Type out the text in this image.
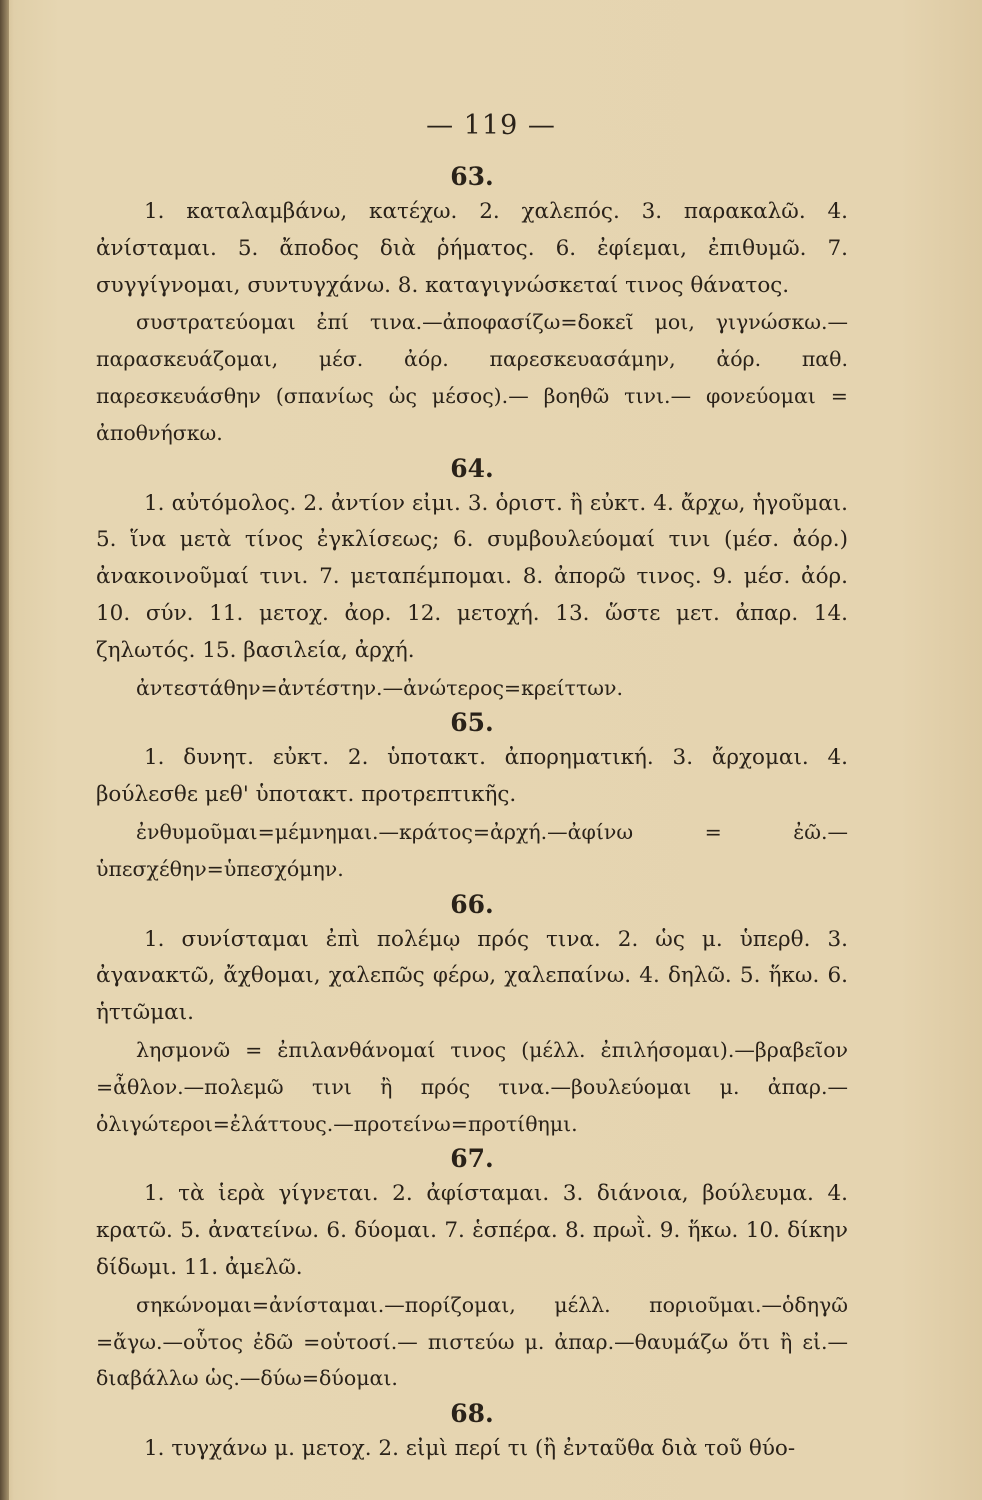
— 119 —

63.

1. καταλαμβάνω, κατέχω. 2. χαλεπός. 3. παρακαλῶ. 4. ἀνίσταμαι. 5. ἄποδος διὰ ῥήματος. 6. ἐφίεμαι, ἐπιθυμῶ. 7. συγγίγνομαι, συντυγχάνω. 8. καταγιγνώσκεταί τινος θάνατος.

συστρατεύομαι ἐπί τινα.—ἀποφασίζω=δοκεῖ μοι, γιγνώσκω.—παρασκευάζομαι, μέσ. ἀόρ. παρεσκευασάμην, ἀόρ. παθ. παρεσκευάσθην (σπανίως ὡς μέσος).— βοηθῶ τινι.— φονεύομαι = ἀποθνήσκω.

64.

1. αὐτόμολος. 2. ἀντίον εἰμι. 3. ὁριστ. ἢ εὐκτ. 4. ἄρχω, ἡγοῦμαι. 5. ἵνα μετὰ τίνος ἐγκλίσεως; 6. συμβουλεύομαί τινι (μέσ. ἀόρ.) ἀνακοινοῦμαί τινι. 7. μεταπέμπομαι. 8. ἀπορῶ τινος. 9. μέσ. ἀόρ. 10. σύν. 11. μετοχ. ἀορ. 12. μετοχή. 13. ὥστε μετ. ἀπαρ. 14. ζηλωτός. 15. βασιλεία, ἀρχή.

ἀντεστάθην=ἀντέστην.—ἀνώτερος=κρείττων.

65.

1. δυνητ. εὐκτ. 2. ὑποτακτ. ἀπορηματική. 3. ἄρχομαι. 4. βούλεσθε μεθ' ὑποτακτ. προτρεπτικῆς.

ἐνθυμοῦμαι=μέμνημαι.—κράτος=ἀρχή.—ἀφίνω = ἐῶ.—ὑπεσχέθην=ὑπεσχόμην.

66.

1. συνίσταμαι ἐπὶ πολέμῳ πρός τινα. 2. ὡς μ. ὑπερθ. 3. ἀγανακτῶ, ἄχθομαι, χαλεπῶς φέρω, χαλεπαίνω. 4. δηλῶ. 5. ἥκω. 6. ἡττῶμαι.

λησμονῶ = ἐπιλανθάνομαί τινος (μέλλ. ἐπιλήσομαι).—βραβεῖον =ἆθλον.—πολεμῶ τινι ἢ πρός τινα.—βουλεύομαι μ. ἀπαρ.—ὀλιγώτεροι=ἐλάττους.—προτείνω=προτίθημι.

67.

1. τὰ ἱερὰ γίγνεται. 2. ἀφίσταμαι. 3. διάνοια, βούλευμα. 4. κρατῶ. 5. ἀνατείνω. 6. δύομαι. 7. ἑσπέρα. 8. πρωῒ. 9. ἥκω. 10. δίκην δίδωμι. 11. ἀμελῶ.

σηκώνομαι=ἀνίσταμαι.—πορίζομαι, μέλλ. ποριοῦμαι.—ὁδηγῶ =ἄγω.—οὗτος ἐδῶ =οὑτοσί.— πιστεύω μ. ἀπαρ.—θαυμάζω ὅτι ἢ εἰ.—διαβάλλω ὡς.—δύω=δύομαι.

68.

1. τυγχάνω μ. μετοχ. 2. εἰμὶ περί τι (ἢ ἐνταῦθα διὰ τοῦ θύο-
